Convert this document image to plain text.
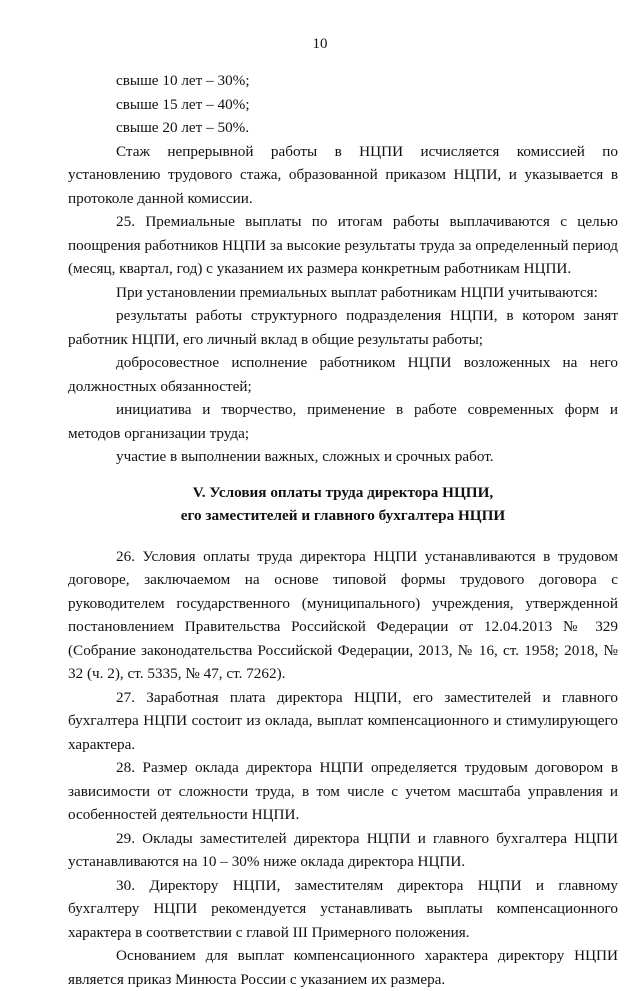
10

свыше 10 лет – 30%;

свыше 15 лет – 40%;

свыше 20 лет – 50%.

Стаж непрерывной работы в НЦПИ исчисляется комиссией по установлению трудового стажа, образованной приказом НЦПИ, и указывается в протоколе данной комиссии.

25. Премиальные выплаты по итогам работы выплачиваются с целью поощрения работников НЦПИ за высокие результаты труда за определенный период (месяц, квартал, год) с указанием их размера конкретным работникам НЦПИ.

При установлении премиальных выплат работникам НЦПИ учитываются:

результаты работы структурного подразделения НЦПИ, в котором занят работник НЦПИ, его личный вклад в общие результаты работы;

добросовестное исполнение работником НЦПИ возложенных на него должностных обязанностей;

инициатива и творчество, применение в работе современных форм и методов организации труда;

участие в выполнении важных, сложных и срочных работ.

V. Условия оплаты труда директора НЦПИ,
его заместителей и главного бухгалтера НЦПИ

26. Условия оплаты труда директора НЦПИ устанавливаются в трудовом договоре, заключаемом на основе типовой формы трудового договора с руководителем государственного (муниципального) учреждения, утвержденной постановлением Правительства Российской Федерации от 12.04.2013 № 329 (Собрание законодательства Российской Федерации, 2013, № 16, ст. 1958; 2018, № 32 (ч. 2), ст. 5335, № 47, ст. 7262).

27. Заработная плата директора НЦПИ, его заместителей и главного бухгалтера НЦПИ состоит из оклада, выплат компенсационного и стимулирующего характера.

28. Размер оклада директора НЦПИ определяется трудовым договором в зависимости от сложности труда, в том числе с учетом масштаба управления и особенностей деятельности НЦПИ.

29. Оклады заместителей директора НЦПИ и главного бухгалтера НЦПИ устанавливаются на 10 – 30% ниже оклада директора НЦПИ.

30. Директору НЦПИ, заместителям директора НЦПИ и главному бухгалтеру НЦПИ рекомендуется устанавливать выплаты компенсационного характера в соответствии с главой III Примерного положения.

Основанием для выплат компенсационного характера директору НЦПИ является приказ Минюста России с указанием их размера.
